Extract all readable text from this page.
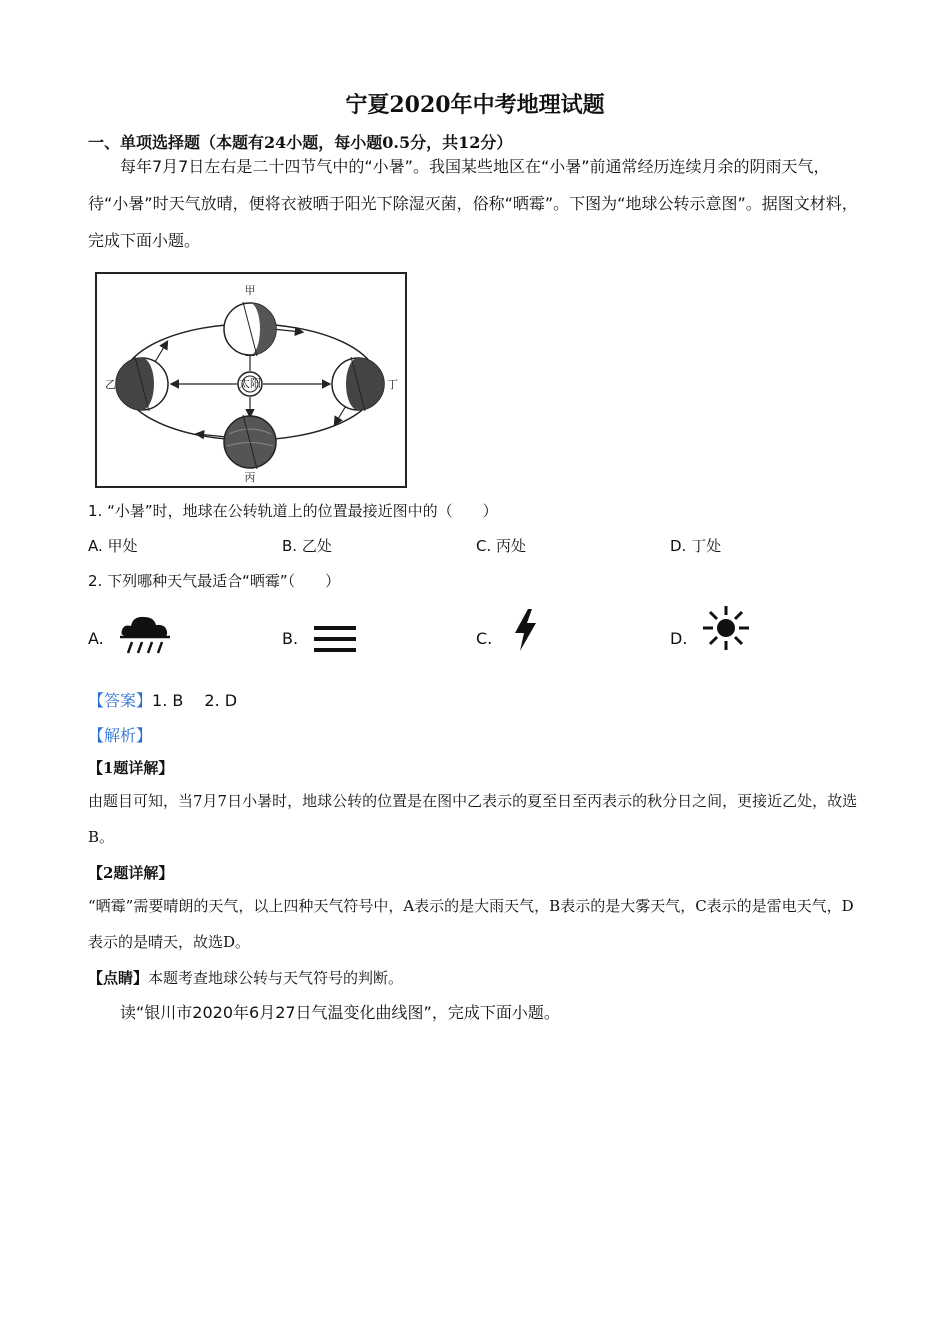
宁夏2020年中考地理试题
一、单项选择题（本题有24小题，每小题0.5分，共12分）
每年7月7日左右是二十四节气中的“小暑”。我国某些地区在“小暑”前通常经历连续月余的阴雨天气，待“小暑”时天气放晴，便将衣被晒于阳光下除湿灭菌，俗称“晒霉”。下图为“地球公转示意图”。据图文材料，完成下面小题。
太阳
甲
乙	丁
丙
1. “小暑”时，地球在公转轨道上的位置最接近图中的（　　）
A. 甲处	B. 乙处	C. 丙处	D. 丁处
2. 下列哪种天气最适合“晒霉”（　　）
A.	B.	C.	D.
【答案】1. B　 2. D
【解析】
【1题详解】
由题目可知，当7月7日小暑时，地球公转的位置是在图中乙表示的夏至日至丙表示的秋分日之间，更接近乙处，故选B。
【2题详解】
“晒霉”需要晴朗的天气，以上四种天气符号中，A表示的是大雨天气，B表示的是大雾天气，C表示的是雷电天气，D表示的是晴天，故选D。
【点睛】本题考查地球公转与天气符号的判断。
读“银川市2020年6月27日气温变化曲线图”，完成下面小题。
